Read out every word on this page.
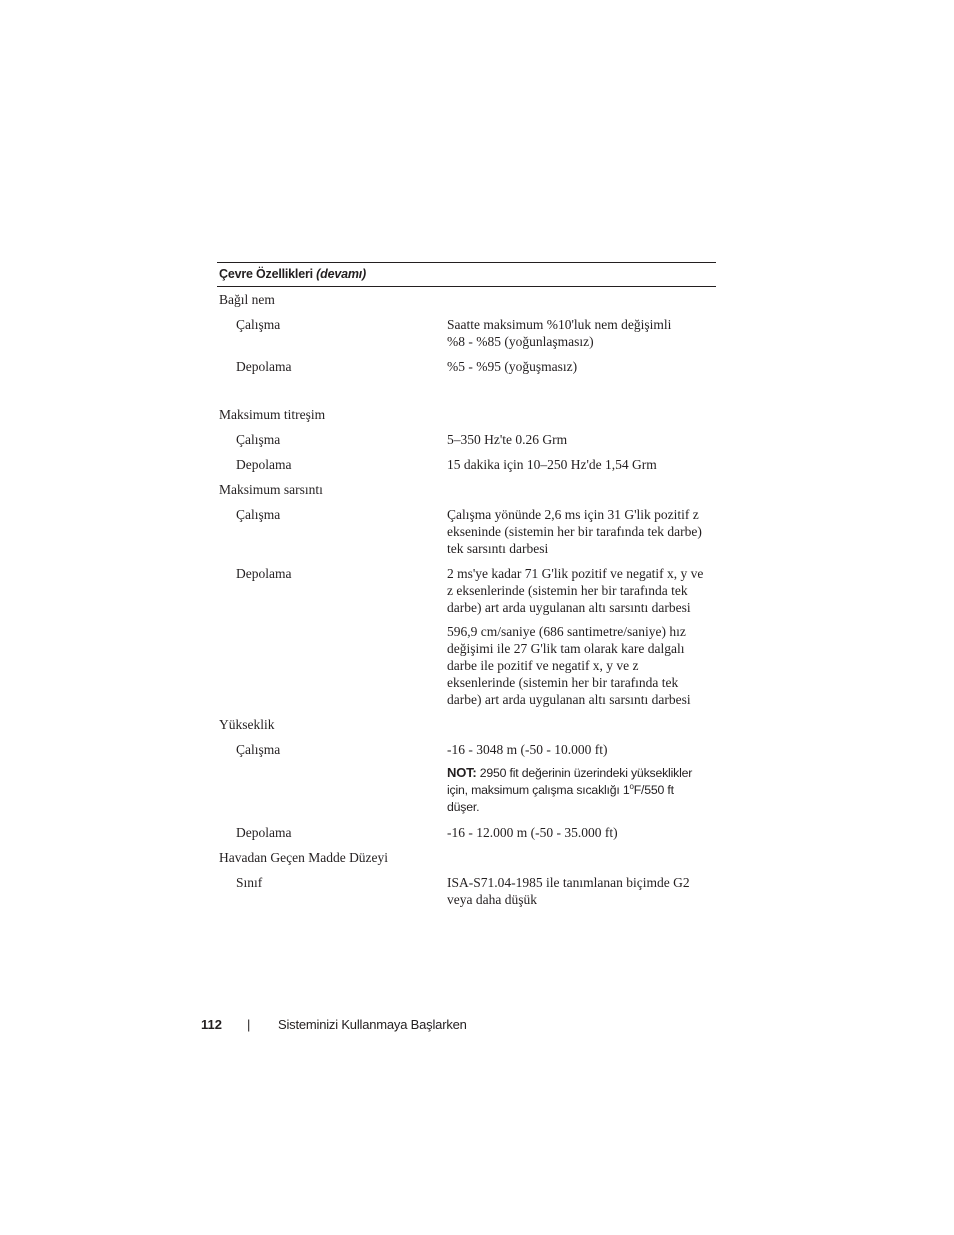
Çevre Özellikleri (devamı)
Bağıl nem
Çalışma	Saatte maksimum %10'luk nem değişimli
%8 - %85 (yoğunlaşmasız)
Depolama	%5 - %95 (yoğuşmasız)
Maksimum titreşim
Çalışma	5–350 Hz'te 0.26 Grm
Depolama	15 dakika için 10–250 Hz'de 1,54 Grm
Maksimum sarsıntı
Çalışma	Çalışma yönünde 2,6 ms için 31 G'lik pozitif z
ekseninde (sistemin her bir tarafında tek darbe)
tek sarsıntı darbesi
Depolama	2 ms'ye kadar 71 G'lik pozitif ve negatif x, y ve
z eksenlerinde (sistemin her bir tarafında tek
darbe) art arda uygulanan altı sarsıntı darbesi
596,9 cm/saniye (686 santimetre/saniye) hız
değişimi ile 27 G'lik tam olarak kare dalgalı
darbe ile pozitif ve negatif x, y ve z
eksenlerinde (sistemin her bir tarafında tek
darbe) art arda uygulanan altı sarsıntı darbesi
Yükseklik
Çalışma	-16 - 3048 m (-50 - 10.000 ft)
NOT: 2950 fit değerinin üzerindeki yükseklikler
için, maksimum çalışma sıcaklığı 1$^o$F/550 ft
düşer.
Depolama	-16 - 12.000 m (-50 - 35.000 ft)
Havadan Geçen Madde Düzeyi
Sınıf	ISA-S71.04-1985 ile tanımlanan biçimde G2
veya daha düşük
112 | Sisteminizi Kullanmaya Başlarken
